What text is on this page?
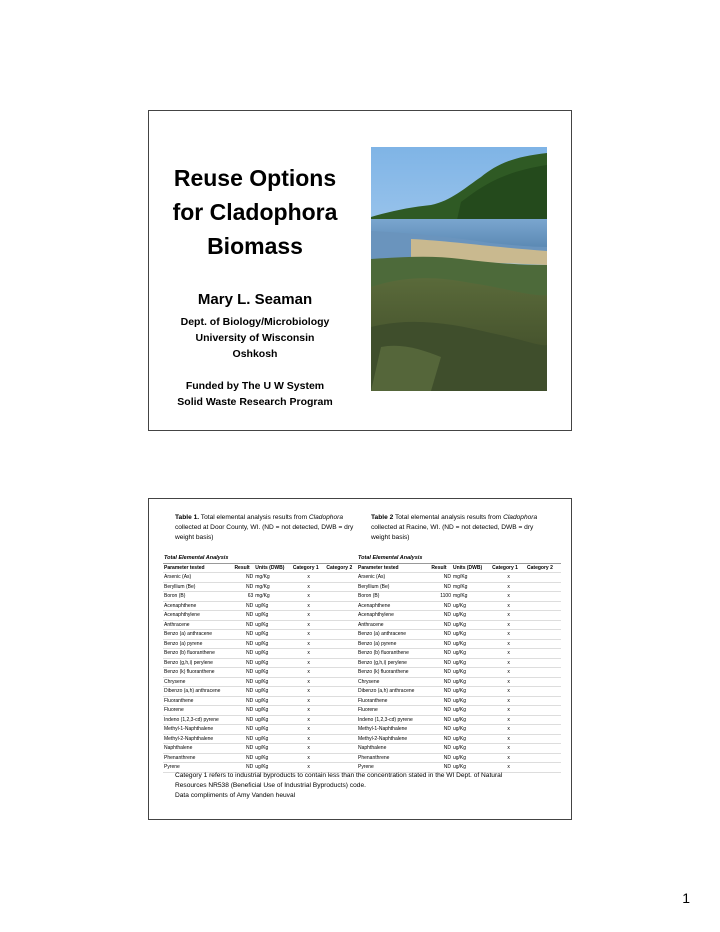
Reuse Options
for Cladophora
Biomass
Mary L. Seaman
Dept. of Biology/Microbiology
University of Wisconsin
Oshkosh
Funded by The U W System
Solid Waste Research Program
Table 1. Total elemental analysis results from Cladophora collected at Door County, WI. (ND = not detected, DWB = dry weight basis)
Table 2 Total elemental analysis results from Cladophora collected at Racine, WI. (ND = not detected, DWB = dry weight basis)
Total Elemental Analysis				
Parameter tested	Result	Units (DWB)	Category 1	Category 2
Arsenic (As)	ND	mg/Kg	x	
Beryllium (Be)	ND	mg/Kg	x	
Boron (B)	63	mg/Kg	x	
Acenaphthene	ND	ug/Kg	x	
Acenaphthylene	ND	ug/Kg	x	
Anthracene	ND	ug/Kg	x	
Benzo (a) anthracene	ND	ug/Kg	x	
Benzo (a) pyrene	ND	ug/Kg	x	
Benzo (b) fluoranthene	ND	ug/Kg	x	
Benzo (g,h,i) perylene	ND	ug/Kg	x	
Benzo (k) fluoranthene	ND	ug/Kg	x	
Chrysene	ND	ug/Kg	x	
Dibenzo (a,h) anthracene	ND	ug/Kg	x	
Fluoranthene	ND	ug/Kg	x	
Fluorene	ND	ug/Kg	x	
Indeno (1,2,3-cd) pyrene	ND	ug/Kg	x	
Methyl-1-Naphthalene	ND	ug/Kg	x	
Methyl-2-Naphthalene	ND	ug/Kg	x	
Naphthalene	ND	ug/Kg	x	
Phenanthrene	ND	ug/Kg	x	
Pyrene	ND	ug/Kg	x	
Total Elemental Analysis				
Parameter tested	Result	Units (DWB)	Category 1	Category 2
Arsenic (As)	ND	mg/Kg	x	
Beryllium (Be)	ND	mg/Kg	x	
Boron (B)	1100	mg/Kg	x	
Acenaphthene	ND	ug/Kg	x	
Acenaphthylene	ND	ug/Kg	x	
Anthracene	ND	ug/Kg	x	
Benzo (a) anthracene	ND	ug/Kg	x	
Benzo (a) pyrene	ND	ug/Kg	x	
Benzo (b) fluoranthene	ND	ug/Kg	x	
Benzo (g,h,i) perylene	ND	ug/Kg	x	
Benzo (k) fluoranthene	ND	ug/Kg	x	
Chrysene	ND	ug/Kg	x	
Dibenzo (a,h) anthracene	ND	ug/Kg	x	
Fluoranthene	ND	ug/Kg	x	
Fluorene	ND	ug/Kg	x	
Indeno (1,2,3-cd) pyrene	ND	ug/Kg	x	
Methyl-1-Naphthalene	ND	ug/Kg	x	
Methyl-2-Naphthalene	ND	ug/Kg	x	
Naphthalene	ND	ug/Kg	x	
Phenanthrene	ND	ug/Kg	x	
Pyrene	ND	ug/Kg	x	
Category 1 refers to industrial byproducts to contain less than the concentration stated in the WI Dept. of Natural
Resources NR538 (Beneficial Use of Industrial Byproducts) code.
Data compliments of Amy Vanden heuval
1
